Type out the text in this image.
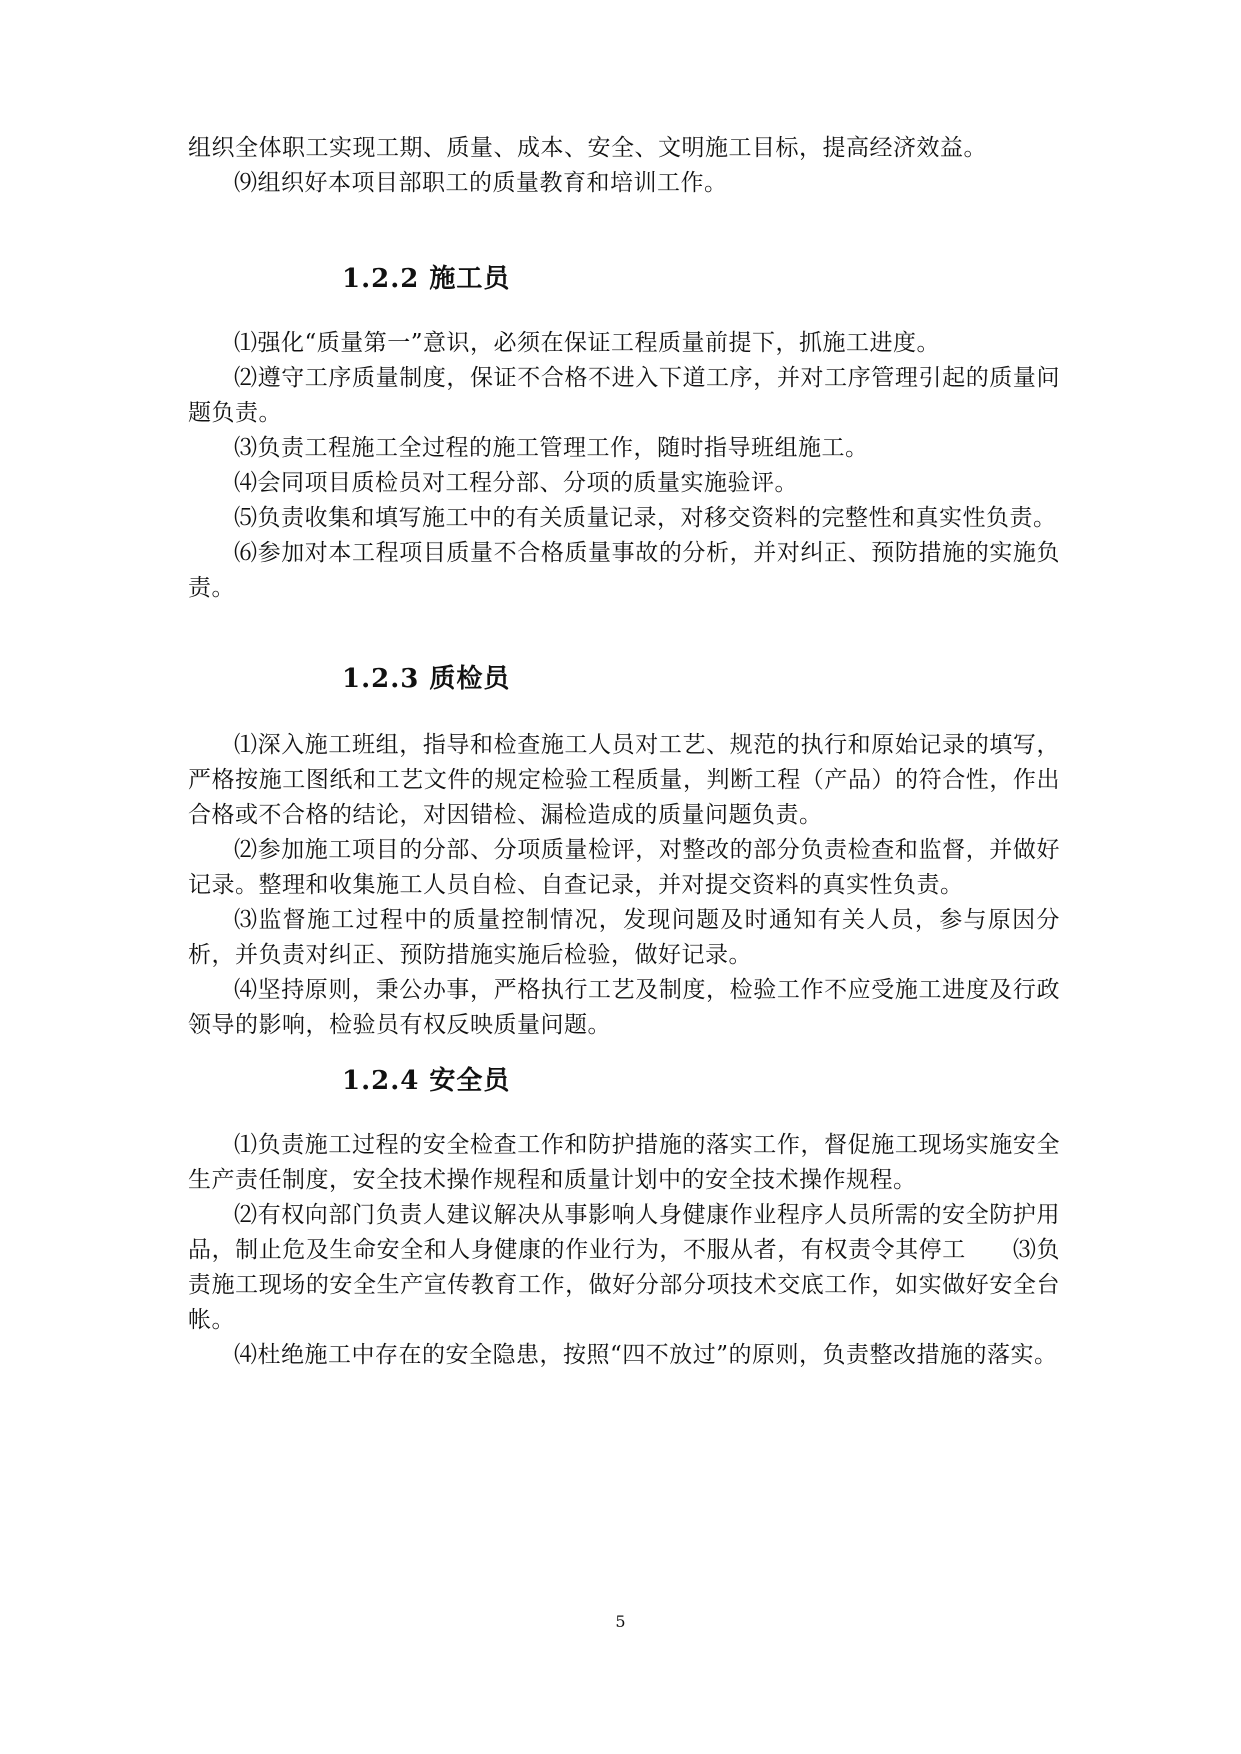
组织全体职工实现工期、质量、成本、安全、文明施工目标，提高经济效益。

⑼组织好本项目部职工的质量教育和培训工作。

1.2.2 施工员

⑴强化“质量第一”意识，必须在保证工程质量前提下，抓施工进度。

⑵遵守工序质量制度，保证不合格不进入下道工序，并对工序管理引起的质量问题负责。

⑶负责工程施工全过程的施工管理工作，随时指导班组施工。

⑷会同项目质检员对工程分部、分项的质量实施验评。

⑸负责收集和填写施工中的有关质量记录，对移交资料的完整性和真实性负责。

⑹参加对本工程项目质量不合格质量事故的分析，并对纠正、预防措施的实施负责。

1.2.3 质检员

⑴深入施工班组，指导和检查施工人员对工艺、规范的执行和原始记录的填写，严格按施工图纸和工艺文件的规定检验工程质量，判断工程（产品）的符合性，作出合格或不合格的结论，对因错检、漏检造成的质量问题负责。

⑵参加施工项目的分部、分项质量检评，对整改的部分负责检查和监督，并做好记录。整理和收集施工人员自检、自查记录，并对提交资料的真实性负责。

⑶监督施工过程中的质量控制情况，发现问题及时通知有关人员，参与原因分析，并负责对纠正、预防措施实施后检验，做好记录。

⑷坚持原则，秉公办事，严格执行工艺及制度，检验工作不应受施工进度及行政领导的影响，检验员有权反映质量问题。

1.2.4 安全员

⑴负责施工过程的安全检查工作和防护措施的落实工作，督促施工现场实施安全生产责任制度，安全技术操作规程和质量计划中的安全技术操作规程。

⑵有权向部门负责人建议解决从事影响人身健康作业程序人员所需的安全防护用品，制止危及生命安全和人身健康的作业行为，不服从者，有权责令其停工　　⑶负责施工现场的安全生产宣传教育工作，做好分部分项技术交底工作，如实做好安全台帐。

⑷杜绝施工中存在的安全隐患，按照“四不放过”的原则，负责整改措施的落实。

5
